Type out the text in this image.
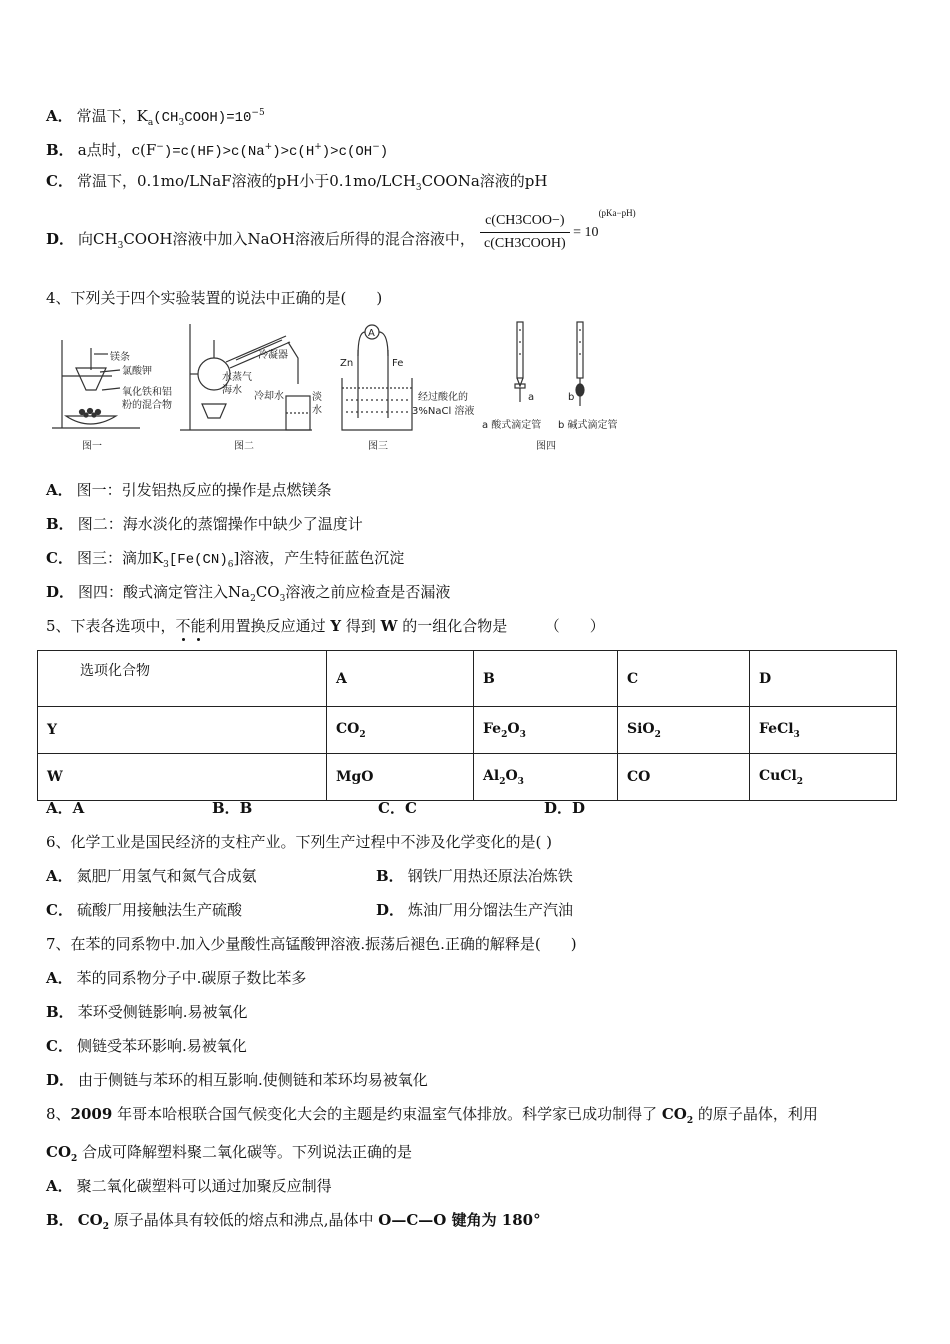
A． 常温下，$K_a(CH_3COOH)=10^{-5}$
B． a点时，c(F−)=c(HF)>c(Na+)>c(H+)>c(OH−)
C． 常温下，0.1mo/LNaF溶液的pH小于$0.1mo/LCH_3COONa$溶液的pH
D． 向$CH_3COOH$溶液中加入NaOH溶液后所得的混合溶液中，
c(CH3COO−)
c(CH3COOH)
= $10^{(pKa-pH)}$
4、下列关于四个实验装置的说法中正确的是(　　)
镁条
氯酸钾
氧化铁和铝
粉的混合物
图一
冷凝器
水蒸气
海水
冷却水	淡
水
图二
A
Zn	Fe
经过酸化的
3%NaCl 溶液
图三
a	b
a 酸式滴定管 b 碱式滴定管
图四
A． 图一：引发铝热反应的操作是点燃镁条
B． 图二：海水淡化的蒸馏操作中缺少了温度计
C． 图三：滴加$K_3[Fe(CN)_6]$溶液，产生特征蓝色沉淀
D． 图四：酸式滴定管注入$Na_2CO_3$溶液之前应检查是否漏液
5、下表各选项中，不能利用置换反应通过 Y 得到 W 的一组化合物是　　　（　　）
选项化合物	A	B	C	D
Y	$CO_2$	$Fe_2O_3$	SiO$_2$	FeCl$_3$
W	MgO	$Al_2O_3$	CO	CuCl$_2$
A．A	B．B	C．C	D．D
6、化学工业是国民经济的支柱产业。下列生产过程中不涉及化学变化的是( )
A． 氮肥厂用氢气和氮气合成氨	B． 钢铁厂用热还原法冶炼铁
C． 硫酸厂用接触法生产硫酸	D． 炼油厂用分馏法生产汽油
7、在苯的同系物中.加入少量酸性高锰酸钾溶液.振荡后褪色.正确的解释是(　　)
A． 苯的同系物分子中.碳原子数比苯多
B． 苯环受侧链影响.易被氧化
C． 侧链受苯环影响.易被氧化
D． 由于侧链与苯环的相互影响.使侧链和苯环均易被氧化
8、2009 年哥本哈根联合国气候变化大会的主题是约束温室气体排放。科学家已成功制得了 $CO_2$ 的原子晶体，利用
$CO_2$ 合成可降解塑料聚二氧化碳等。下列说法正确的是
A． 聚二氧化碳塑料可以通过加聚反应制得
B． $CO_2$ 原子晶体具有较低的熔点和沸点,晶体中 O—C—O 键角为 180°
